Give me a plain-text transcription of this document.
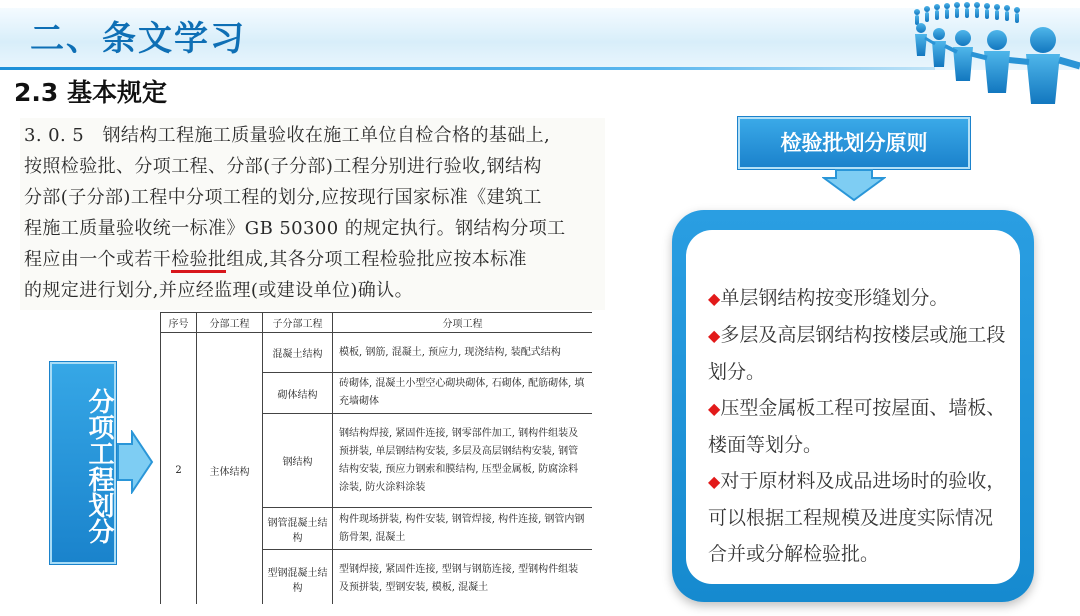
二、条文学习
2.3 基本规定
3. 0. 5　钢结构工程施工质量验收在施工单位自检合格的基础上,
按照检验批、分项工程、分部(子分部)工程分别进行验收,钢结构
分部(子分部)工程中分项工程的划分,应按现行国家标准《建筑工
程施工质量验收统一标准》GB 50300 的规定执行。钢结构分项工
程应由一个或若干检验批组成,其各分项工程检验批应按本标准
的规定进行划分,并应经监理(或建设单位)确认。
序号	分部工程	子分部工程	分项工程
2	主体结构	混凝土结构	模板, 钢筋, 混凝土, 预应力, 现浇结构, 装配式结构
		砌体结构	砖砌体, 混凝土小型空心砌块砌体, 石砌体, 配筋砌体, 填充墙砌体
		钢结构	钢结构焊接, 紧固件连接, 钢零部件加工, 钢构件组装及预拼装, 单层钢结构安装, 多层及高层钢结构安装, 钢管结构安装, 预应力钢索和膜结构, 压型金属板, 防腐涂料涂装, 防火涂料涂装
		钢管混凝土结构	构件现场拼装, 构件安装, 钢管焊接, 构件连接, 钢管内钢筋骨架, 混凝土
		型钢混凝土结构	型钢焊接, 紧固件连接, 型钢与钢筋连接, 型钢构件组装及预拼装, 型钢安装, 模板, 混凝土
分项工程划分
检验批划分原则
◆单层钢结构按变形缝划分。
◆多层及高层钢结构按楼层或施工段划分。
◆压型金属板工程可按屋面、墙板、楼面等划分。
◆对于原材料及成品进场时的验收，可以根据工程规模及进度实际情况合并或分解检验批。
